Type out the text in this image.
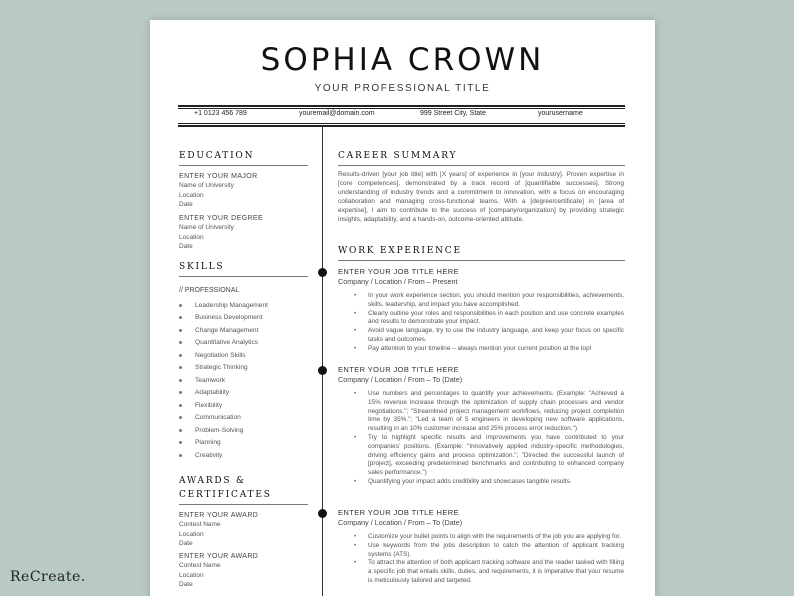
SOPHIA CROWN
YOUR PROFESSIONAL TITLE
+1 0123 456 789	youremail@domain.com	999 Street City, State	yourusername
EDUCATION
ENTER YOUR MAJOR
Name of University
Location
Date
ENTER YOUR DEGREE
Name of University
Location
Date
SKILLS
// PROFESSIONAL
Leadership Management
Business Development
Change Management
Quantitative Analytics
Negotiation Skills
Strategic Thinking
Teamwork
Adaptability
Flexibility
Communication
Problem-Solving
Planning
Creativity
AWARDS &
CERTIFICATES
ENTER YOUR AWARD
Contest Name
Location
Date
ENTER YOUR AWARD
Contest Name
Location
Date
CAREER SUMMARY
Results-driven [your job title] with [X years] of experience in [your industry]. Proven expertise in [core competences], demonstrated by a track record of [quantifiable successes]. Strong understanding of industry trends and a commitment to innovation, with a focus on encouraging collaboration and managing cross-functional teams. With a [degree/certificate] in [area of expertise], I aim to contribute to the success of [company/organization] by providing strategic insights, adaptability, and a hands-on, outcome-oriented attitude.
WORK EXPERIENCE
ENTER YOUR JOB TITLE HERE
Company / Location / From – Present
• In your work experience section, you should mention your responsibilities, achievements, skills, leadership, and impact you have accomplished.
• Clearly outline your roles and responsibilities in each position and use concrete examples and results to demonstrate your impact.
• Avoid vague language, try to use the industry language, and keep your focus on specific tasks and outcomes.
• Pay attention to your timeline – always mention your current position at the top!
ENTER YOUR JOB TITLE HERE
Company / Location / From – To (Date)
• Use numbers and percentages to quantify your achievements. (Example: "Achieved a 15% revenue increase through the optimization of supply chain processes and vendor negotiations."; "Streamlined project management workflows, reducing project completion time by 35%."; "Led a team of 5 engineers in developing new software applications, resulting in an 10% customer increase and 25% process error reduction.")
• Try to highlight specific results and improvements you have contributed to your companies' positions. (Example: "Innovatively applied industry-specific methodologies, driving efficiency gains and process optimization."; "Directed the successful launch of [project], exceeding predetermined benchmarks and contributing to enhanced company sales performance.")
• Quantifying your impact adds credibility and showcases tangible results.
ENTER YOUR JOB TITLE HERE
Company / Location / From – To (Date)
• Customize your bullet points to align with the requirements of the job you are applying for.
• Use keywords from the jobs description to catch the attention of applicant tracking systems (ATS).
• To attract the attention of both applicant tracking software and the reader tasked with filling a specific job that entails skills, duties, and requirements, it is imperative that your resume is meticulously tailored and targeted.
ReCreate.
